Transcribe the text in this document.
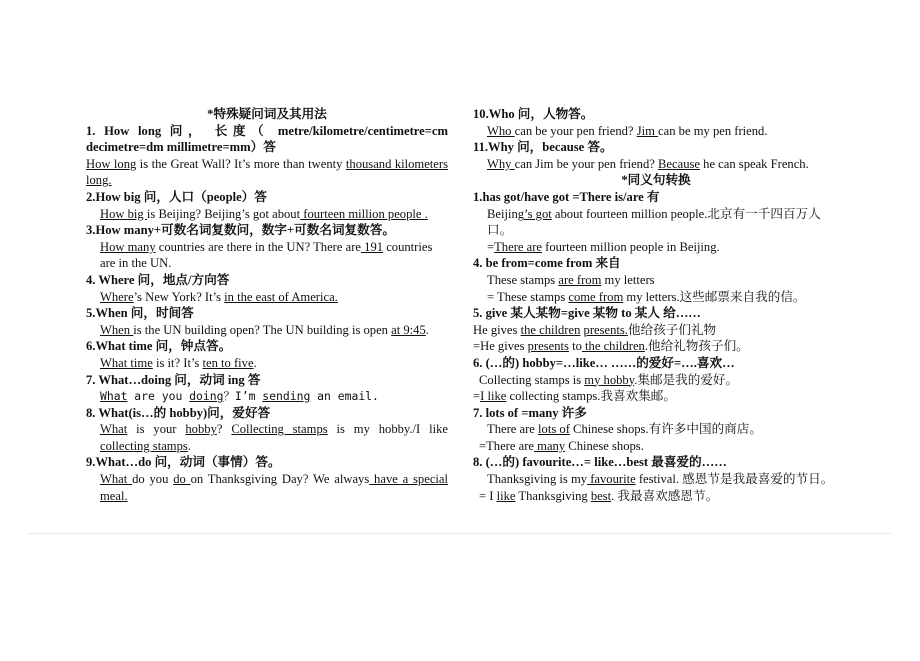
*特殊疑问词及其用法
1. How long 问， 长度（ metre/kilometre/centimetre=cm decimetre=dm millimetre=mm）答
How long is the Great Wall? It’s more than twenty thousand kilometers long.
2.How big 问，人口（people）答
How big is Beijing? Beijing’s got about fourteen million people .
3.How many+可数名词复数问，数字+可数名词复数答。
How many countries are there in the UN? There are 191 countries are in the UN.
4. Where 问，地点/方向答
Where’s New York? It’s in the east of America.
5.When 问，时间答
When is the UN building open? The UN building is open at 9:45.
6.What time 问，钟点答。
What time is it? It’s ten to five.
7. What…doing 问，动词 ing 答
What are you doing？I’m sending an email.
8. What(is…的 hobby)问，爱好答
What is your hobby? Collecting stamps is my hobby./I like collecting stamps.
9.What…do 问，动词（事情）答。
What do you do on Thanksgiving Day? We always have a special meal.
10.Who 问，人物答。
Who can be your pen friend? Jim can be my pen friend.
11.Why 问，because 答。
Why can Jim be your pen friend? Because he can speak French.
*同义句转换
1.has got/have got =There is/are 有
Beijing’s got about fourteen million people.北京有一千四百万人口。
=There are fourteen million people in Beijing.
4. be from=come from 来自
These stamps are from my letters
= These stamps come from my letters.这些邮票来自我的信。
5. give 某人某物=give 某物 to 某人 给……
He gives the children presents.他给孩子们礼物
=He gives presents to the children.他给礼物孩子们。
6. (…的) hobby=…like… ……的爱好=….喜欢…
Collecting stamps is my hobby.集邮是我的爱好。
=I like collecting stamps.我喜欢集邮。
7. lots of =many 许多
There are lots of Chinese shops.有许多中国的商店。
=There are many Chinese shops.
8. (…的) favourite…= like…best 最喜爱的……
Thanksgiving is my favourite festival. 感恩节是我最喜爱的节日。
= I like Thanksgiving best. 我最喜欢感恩节。
